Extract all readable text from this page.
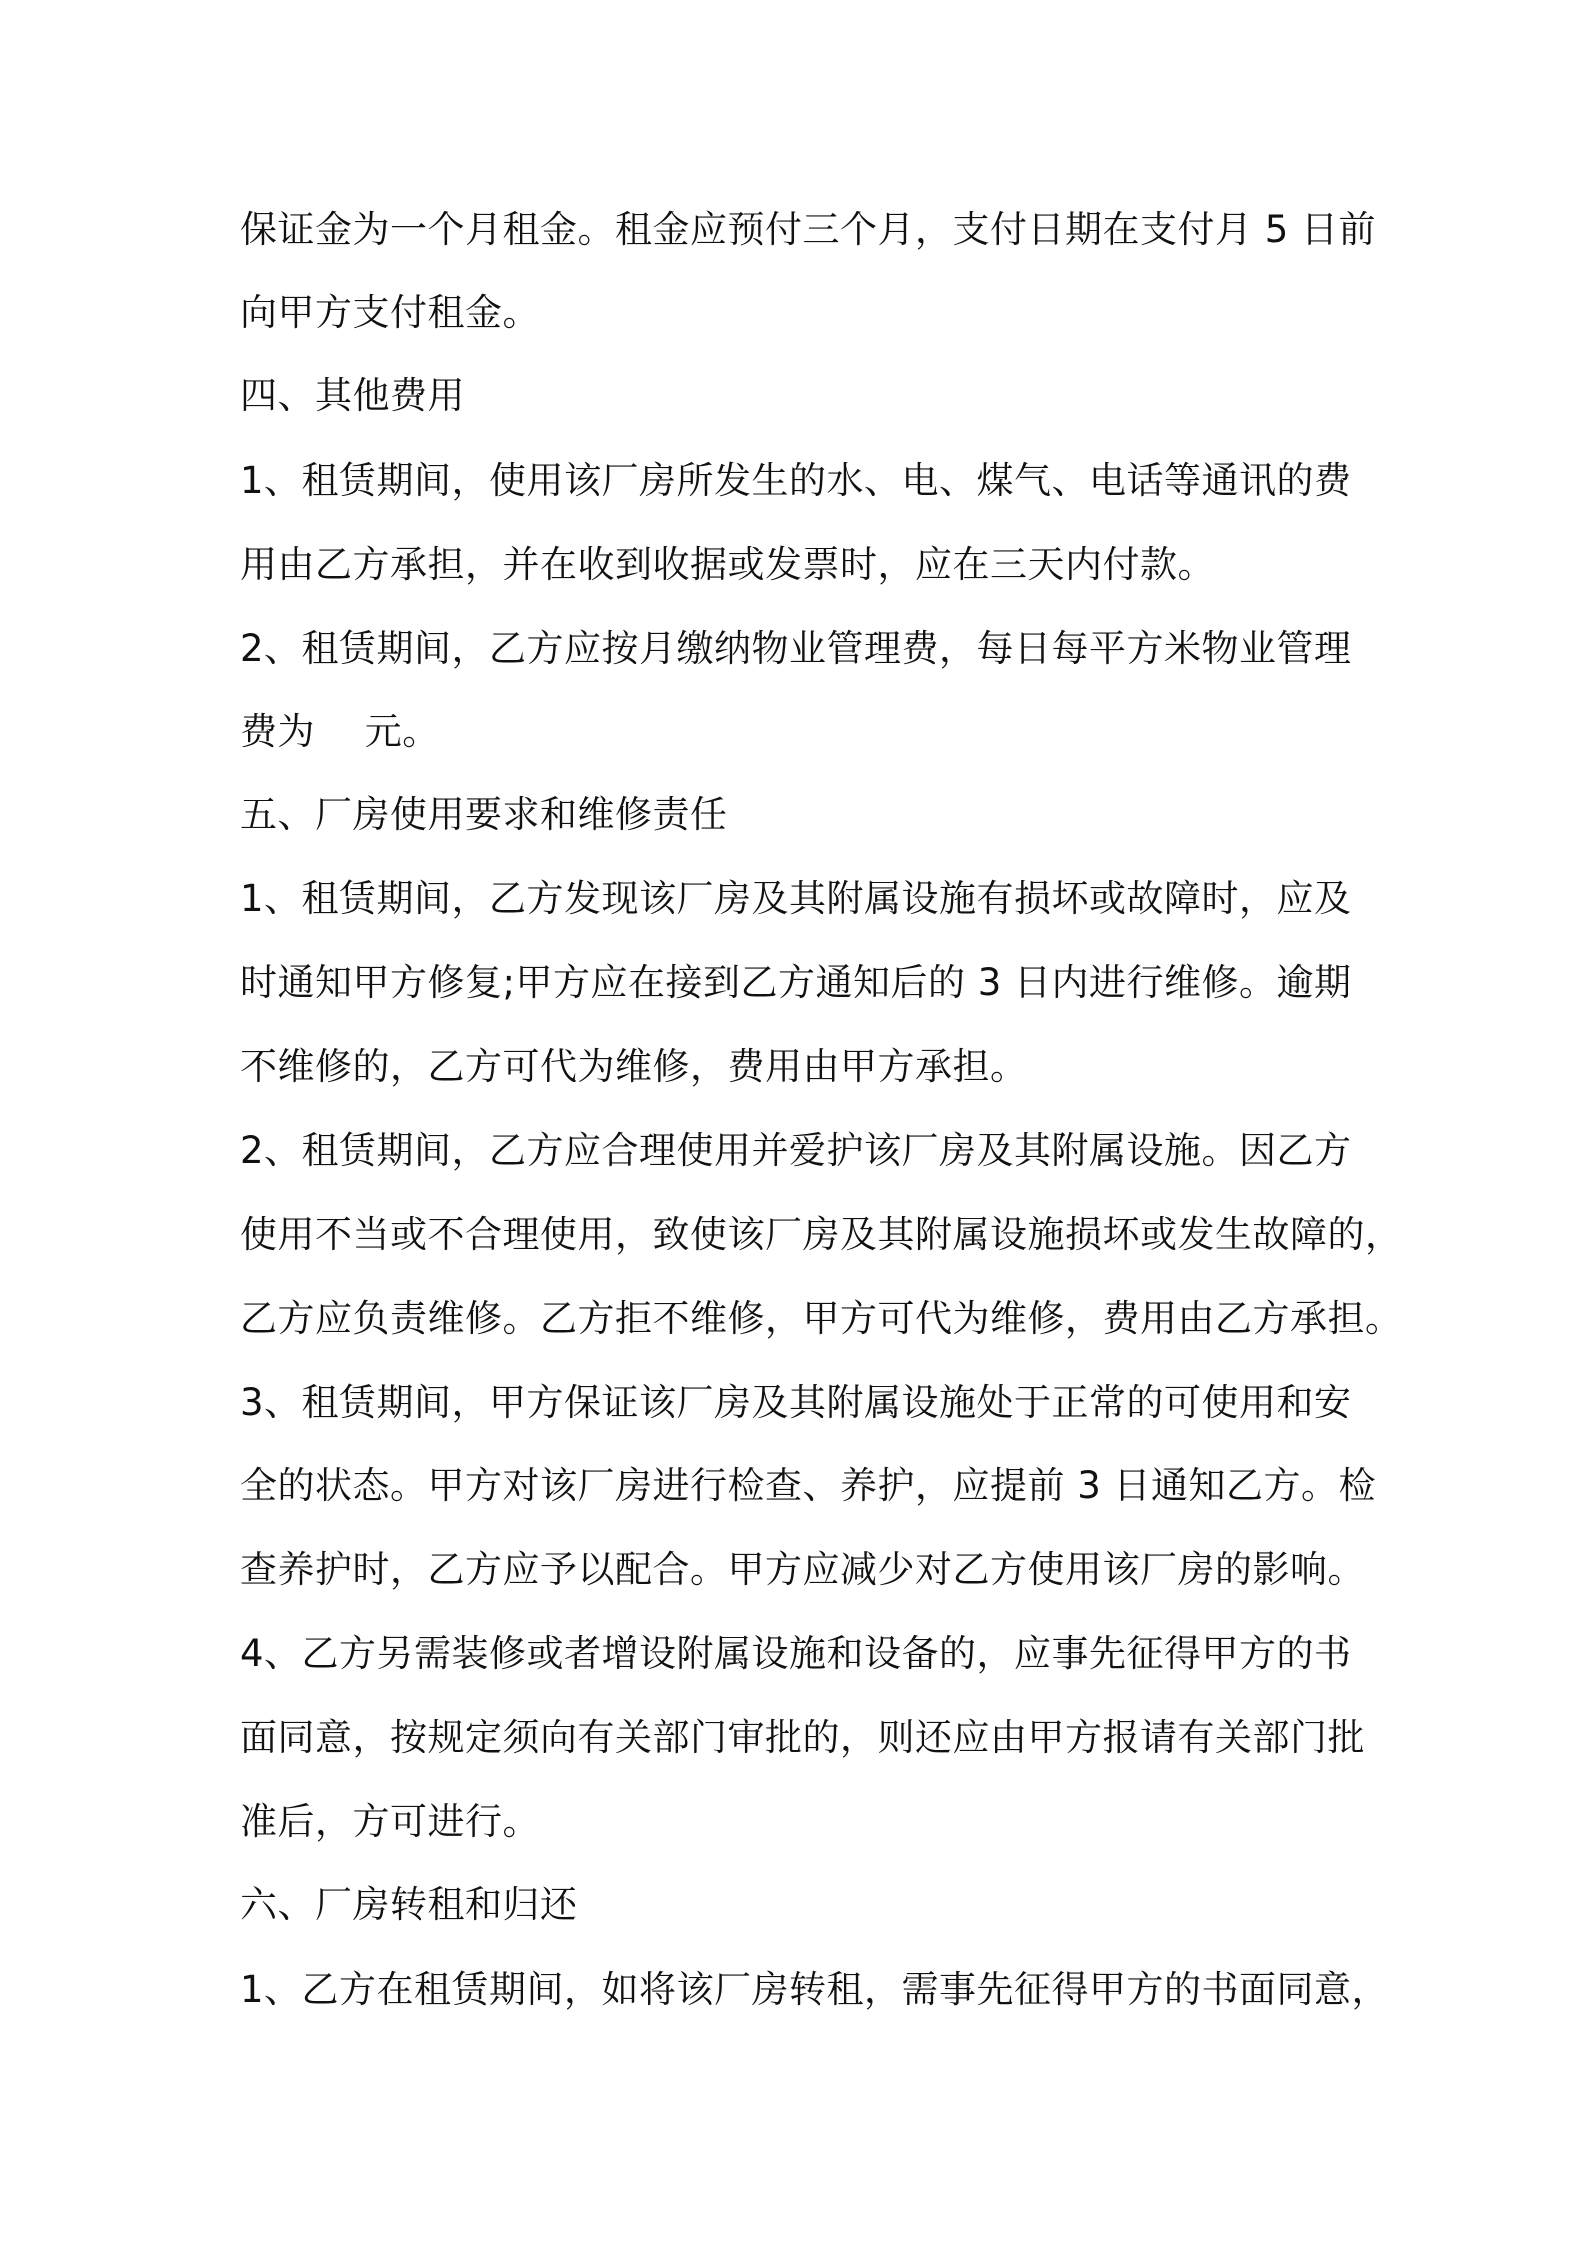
保证金为一个月租金。租金应预付三个月，支付日期在支付月 5 日前
向甲方支付租金。
四、其他费用
1、租赁期间，使用该厂房所发生的水、电、煤气、电话等通讯的费
用由乙方承担，并在收到收据或发票时，应在三天内付款。
2、租赁期间，乙方应按月缴纳物业管理费，每日每平方米物业管理
费为　 元。
五、厂房使用要求和维修责任
1、租赁期间，乙方发现该厂房及其附属设施有损坏或故障时，应及
时通知甲方修复;甲方应在接到乙方通知后的 3 日内进行维修。逾期
不维修的，乙方可代为维修，费用由甲方承担。
2、租赁期间，乙方应合理使用并爱护该厂房及其附属设施。因乙方
使用不当或不合理使用，致使该厂房及其附属设施损坏或发生故障的，
乙方应负责维修。乙方拒不维修，甲方可代为维修，费用由乙方承担。
3、租赁期间，甲方保证该厂房及其附属设施处于正常的可使用和安
全的状态。甲方对该厂房进行检查、养护，应提前 3 日通知乙方。检
查养护时，乙方应予以配合。甲方应减少对乙方使用该厂房的影响。
4、乙方另需装修或者增设附属设施和设备的，应事先征得甲方的书
面同意，按规定须向有关部门审批的，则还应由甲方报请有关部门批
准后，方可进行。
六、厂房转租和归还
1、乙方在租赁期间，如将该厂房转租，需事先征得甲方的书面同意，
